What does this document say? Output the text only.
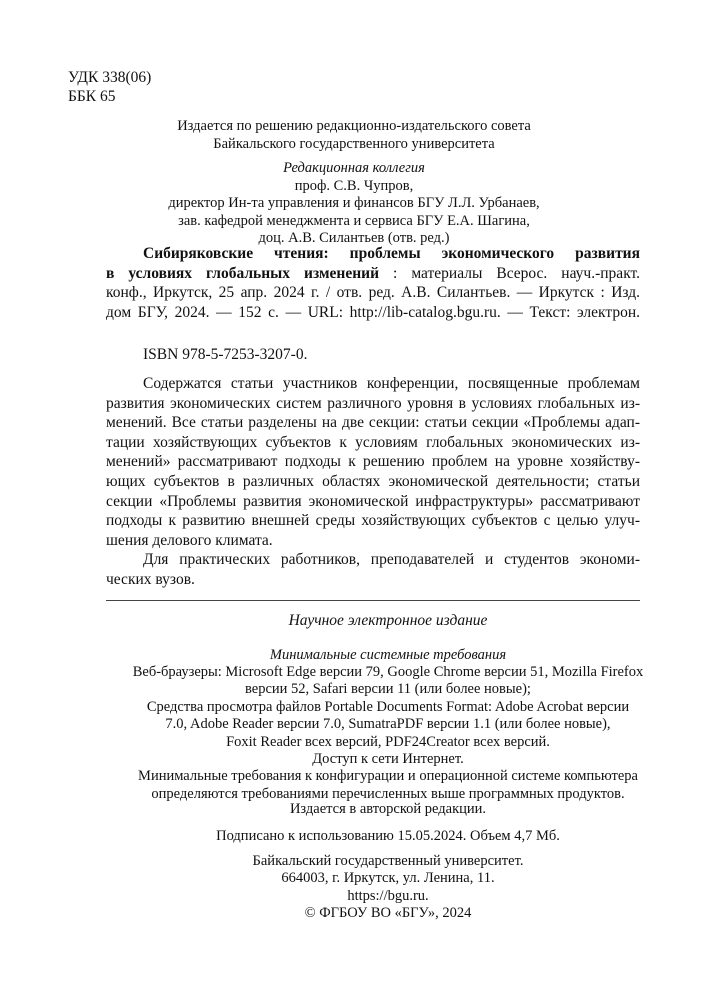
УДК 338(06)
ББК 65
Издается по решению редакционно-издательского совета
Байкальского государственного университета
Редакционная коллегия
проф. С.В. Чупров,
директор Ин-та управления и финансов БГУ Л.Л. Урбанаев,
зав. кафедрой менеджмента и сервиса БГУ Е.А. Шагина,
доц. А.В. Силантьев (отв. ред.)
Сибиряковские чтения: проблемы экономического развития
в условиях глобальных изменений : материалы Всерос. науч.-практ.
конф., Иркутск, 25 апр. 2024 г. / отв. ред. А.В. Силантьев. — Иркутск : Изд.
дом БГУ, 2024. — 152 с. — URL: http://lib-catalog.bgu.ru. — Текст: электрон.
ISBN 978-5-7253-3207-0.
Содержатся статьи участников конференции, посвященные проблемам
развития экономических систем различного уровня в условиях глобальных из-
менений. Все статьи разделены на две секции: статьи секции «Проблемы адап-
тации хозяйствующих субъектов к условиям глобальных экономических из-
менений» рассматривают подходы к решению проблем на уровне хозяйству-
ющих субъектов в различных областях экономической деятельности; статьи
секции «Проблемы развития экономической инфраструктуры» рассматривают
подходы к развитию внешней среды хозяйствующих субъектов с целью улуч-
шения делового климата.
Для практических работников, преподавателей и студентов экономи-
ческих вузов.
Научное электронное издание
Минимальные системные требования
Веб-браузеры: Microsoft Edge версии 79, Google Chrome версии 51, Mozilla Firefox
версии 52, Safari версии 11 (или более новые);
Средства просмотра файлов Portable Documents Format: Adobe Acrobat версии
7.0, Adobe Reader версии 7.0, SumatraPDF версии 1.1 (или более новые),
Foxit Reader всех версий, PDF24Creator всех версий.
Доступ к сети Интернет.
Минимальные требования к конфигурации и операционной системе компьютера
определяются требованиями перечисленных выше программных продуктов.
Издается в авторской редакции.
Подписано к использованию 15.05.2024. Объем 4,7 Мб.
Байкальский государственный университет.
664003, г. Иркутск, ул. Ленина, 11.
https://bgu.ru.
© ФГБОУ ВО «БГУ», 2024
